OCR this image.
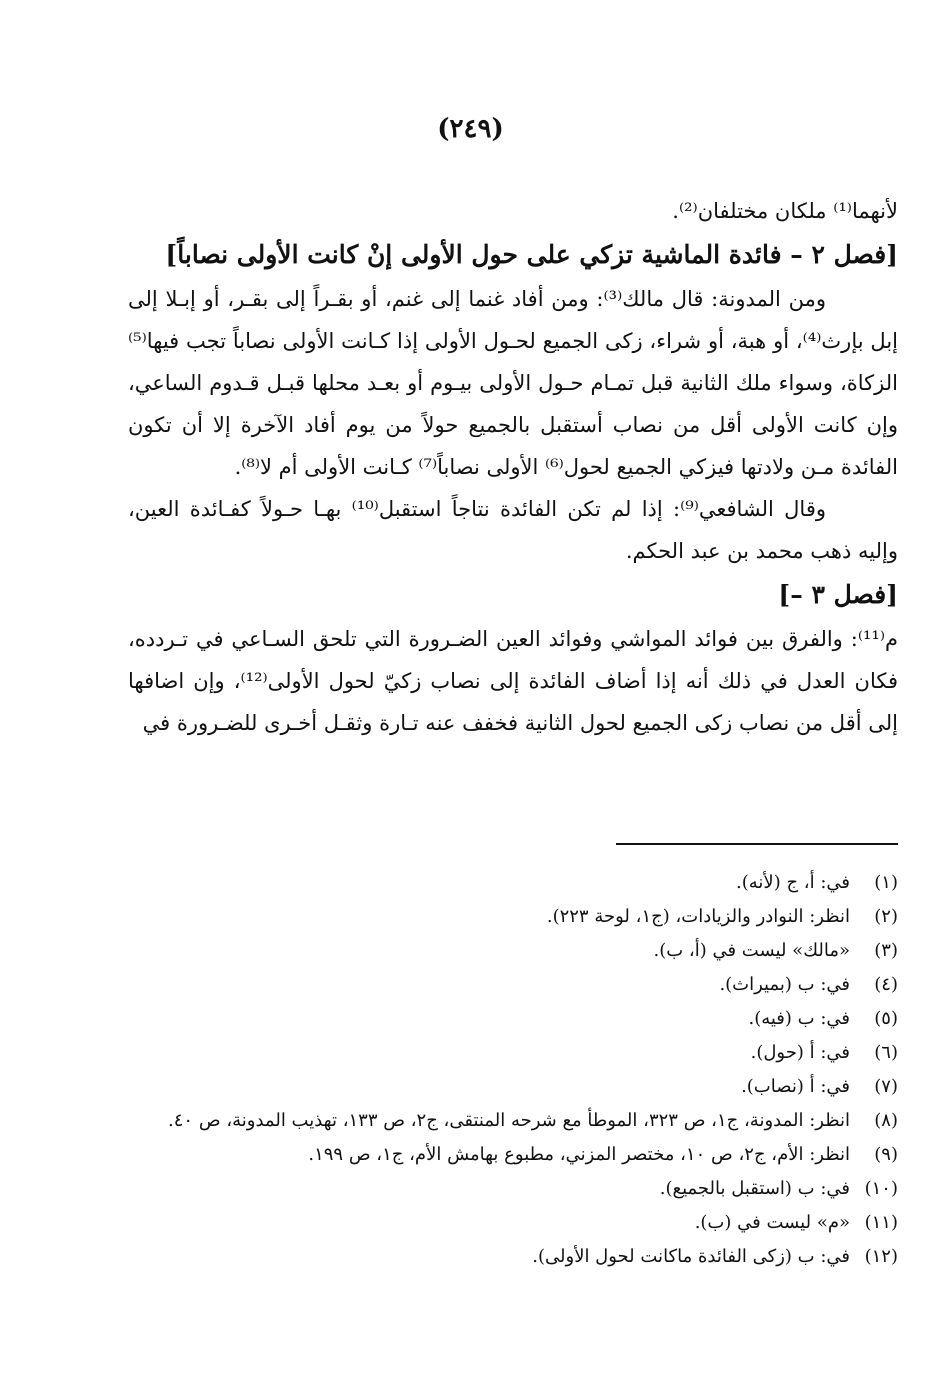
(٢٤٩)

لأنهما⁽¹⁾ ملكان مختلفان⁽²⁾.

[فصل ٢ – فائدة الماشية تزكي على حول الأولى إنْ كانت الأولى نصاباً]

ومن المدونة: قال مالك⁽³⁾: ومن أفاد غنما إلى غنم، أو بقـراً إلى بقـر، أو إبـلا إلى إبل بإرث⁽⁴⁾، أو هبة، أو شراء، زكى الجميع لحـول الأولى إذا كـانت الأولى نصاباً تجب فيها⁽⁵⁾ الزكاة، وسواء ملك الثانية قبل تمـام حـول الأولى بيـوم أو بعـد محلها قبـل قـدوم الساعي، وإن كانت الأولى أقل من نصاب أستقبل بالجميع حولاً من يوم أفاد الآخرة إلا أن تكون الفائدة مـن ولادتها فيزكي الجميع لحول⁽⁶⁾ الأولى نصاباً⁽⁷⁾ كـانت الأولى أم لا⁽⁸⁾.

وقال الشافعي⁽⁹⁾: إذا لم تكن الفائدة نتاجاً استقبل⁽¹⁰⁾ بهـا حـولاً كفـائدة العين، وإليه ذهب محمد بن عبد الحكم.

[فصل ٣ –]

م⁽¹¹⁾: والفرق بين فوائد المواشي وفوائد العين الضـرورة التي تلحق السـاعي في تـردده، فكان العدل في ذلك أنه إذا أضاف الفائدة إلى نصاب زكيّ لحول الأولى⁽¹²⁾، وإن اضافها إلى أقل من نصاب زكى الجميع لحول الثانية فخفف عنه تـارة وثقـل أخـرى للضـرورة في

(١)
في: أ، ج (لأنه).
(٢)
انظر: النوادر والزيادات، (ج١، لوحة ٢٢٣).
(٣)
«مالك» ليست في (أ، ب).
(٤)
في: ب (بميراث).
(٥)
في: ب (فيه).
(٦)
في: أ (حول).
(٧)
في: أ (نصاب).
(٨)
انظر: المدونة، ج١، ص ٣٢٣، الموطأ مع شرحه المنتقى، ج٢، ص ١٣٣، تهذيب المدونة، ص ٤٠.
(٩)
انظر: الأم، ج٢، ص ١٠، مختصر المزني، مطبوع بهامش الأم، ج١، ص ١٩٩.
(١٠)
في: ب (استقبل بالجميع).
(١١)
«م» ليست في (ب).
(١٢)
في: ب (زكى الفائدة ماكانت لحول الأولى).
